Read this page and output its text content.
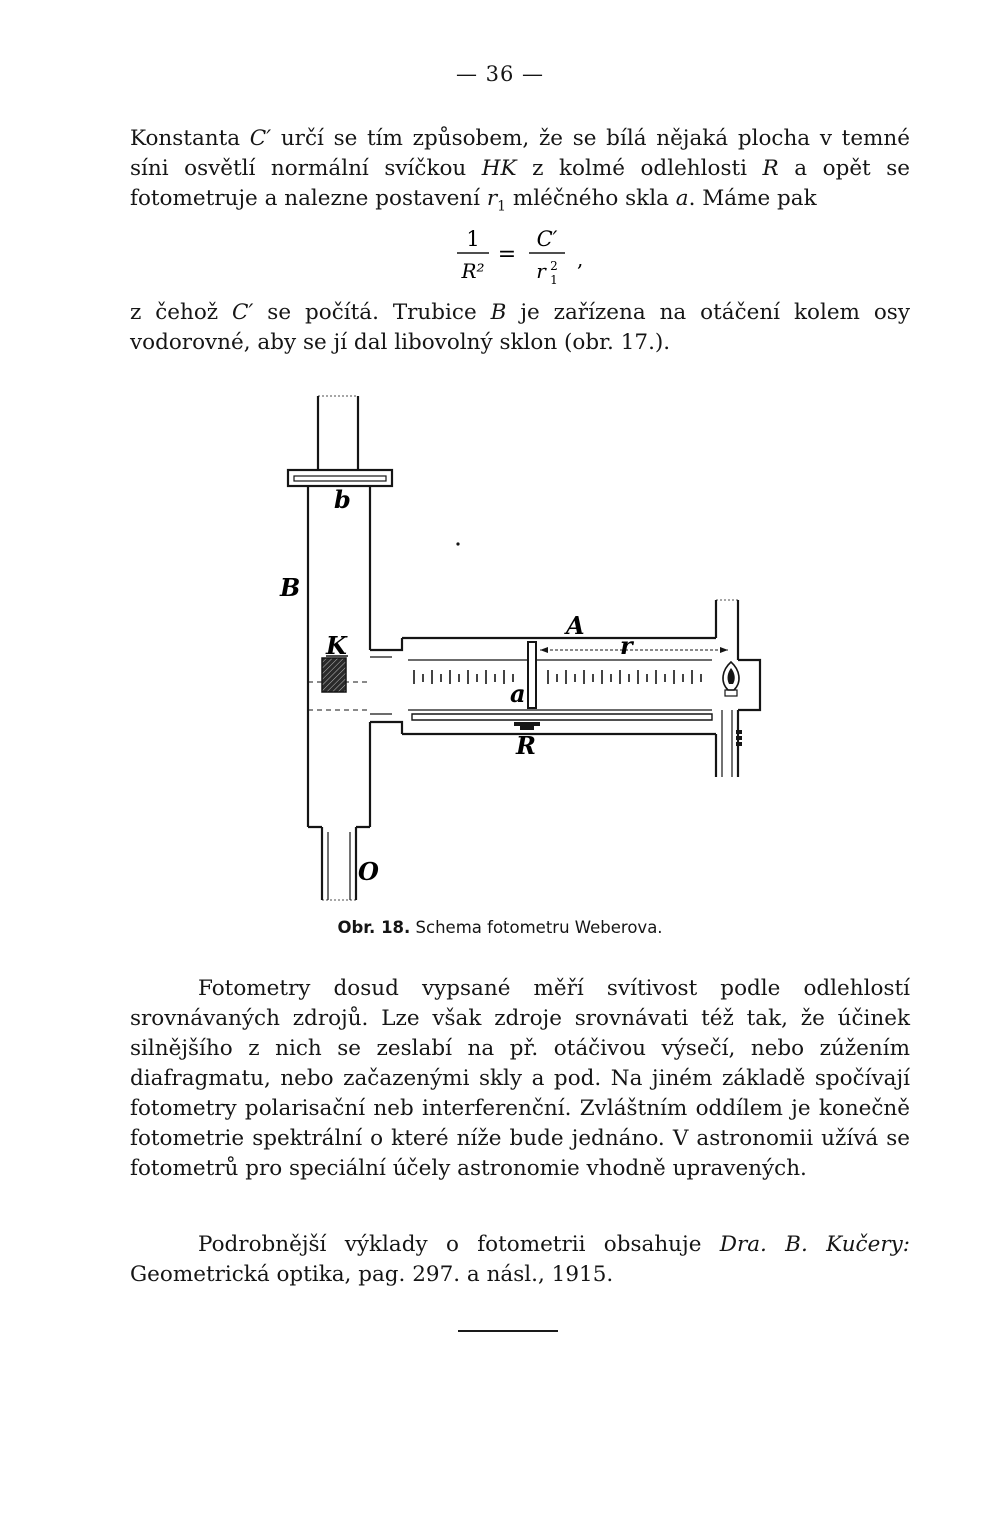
— 36 —

Konstanta C′ určí se tím způsobem, že se bílá nějaká plocha v temné síni osvětlí normální svíčkou HK z kolmé odlehlosti R a opět se fotometruje a nalezne postavení $r_1$ mléčného skla a. Máme pak

1
R²
=
C′
r 2
1
,

z čehož C′ se počítá. Trubice B je zařízena na otáčení kolem osy vodorovné, aby se jí dal libovolný sklon (obr. 17.).

b
B
K
A
r
a
R
O
Obr. 18. Schema fotometru Weberova.

Fotometry dosud vypsané měří svítivost podle odlehlostí srovnávaných zdrojů. Lze však zdroje srovnávati též tak, že účinek silnějšího z nich se zeslabí na př. otáčivou výsečí, nebo zúžením diafragmatu, nebo začazenými skly a pod. Na jiném základě spočívají fotometry polarisační neb interferenční. Zvláštním oddílem je konečně fotometrie spektrální o které níže bude jednáno. V astronomii užívá se fotometrů pro speciální účely astronomie vhodně upravených.

Podrobnější výklady o fotometrii obsahuje Dra. B. Kučery: Geometrická optika, pag. 297. a násl., 1915.
